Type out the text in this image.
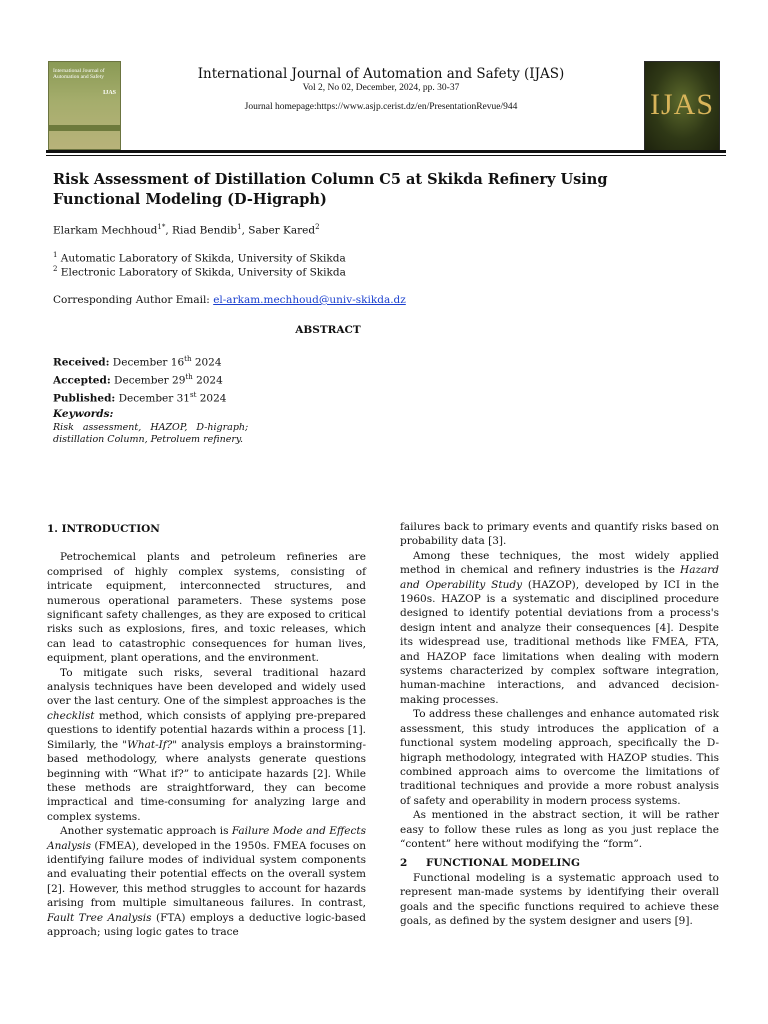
International Journal of Automation and Safety
IJAS
International Journal of Automation and Safety (IJAS)
Vol 2, No 02, December, 2024, pp. 30-37
Journal homepage:https://www.asjp.cerist.dz/en/PresentationRevue/944	IJAS
Risk Assessment of Distillation Column C5 at Skikda Refinery Using Functional Modeling (D-Higraph)
Elarkam Mechhoud$^{1*}$, Riad Bendib$^1$, Saber Kared$^2$
$^1$ Automatic Laboratory of Skikda, University of Skikda
$^2$ Electronic Laboratory of Skikda, University of Skikda
Corresponding Author Email: el-arkam.mechhoud@univ-skikda.dz
ABSTRACT
Received: December 16th 2024
Accepted: December 29th 2024
Published: December 31st 2024
Keywords:
Risk   assessment,   HAZOP,   D-higraph;
distillation Column, Petroluem refinery.
1. INTRODUCTION

Petrochemical plants and petroleum refineries are comprised of highly complex systems, consisting of intricate equipment, interconnected structures, and numerous operational parameters. These systems pose significant safety challenges, as they are exposed to critical risks such as explosions, fires, and toxic releases, which can lead to catastrophic consequences for human lives, equipment, plant operations, and the environment.

To mitigate such risks, several traditional hazard analysis techniques have been developed and widely used over the last century. One of the simplest approaches is the checklist method, which consists of applying pre-prepared questions to identify potential hazards within a process [1]. Similarly, the "What-If?" analysis employs a brainstorming-based methodology, where analysts generate questions beginning with “What if?” to anticipate hazards [2]. While these methods are straightforward, they can become impractical and time-consuming for analyzing large and complex systems.

Another systematic approach is Failure Mode and Effects Analysis (FMEA), developed in the 1950s. FMEA focuses on identifying failure modes of individual system components and evaluating their potential effects on the overall system [2]. However, this method struggles to account for hazards arising from multiple simultaneous failures. In contrast, Fault Tree Analysis (FTA) employs a deductive logic-based approach; using logic gates to trace

failures back to primary events and quantify risks based on probability data [3].

Among these techniques, the most widely applied method in chemical and refinery industries is the Hazard and Operability Study (HAZOP), developed by ICI in the 1960s. HAZOP is a systematic and disciplined procedure designed to identify potential deviations from a process's design intent and analyze their consequences [4]. Despite its widespread use, traditional methods like FMEA, FTA, and HAZOP face limitations when dealing with modern systems characterized by complex software integration, human-machine interactions, and advanced decision-making processes.

To address these challenges and enhance automated risk assessment, this study introduces the application of a functional system modeling approach, specifically the D-higraph methodology, integrated with HAZOP studies. This combined approach aims to overcome the limitations of traditional techniques and provide a more robust analysis of safety and operability in modern process systems.

As mentioned in the abstract section, it will be rather easy to follow these rules as long as you just replace the “content” here without modifying the “form”.

2 FUNCTIONAL MODELING

Functional modeling is a systematic approach used to represent man-made systems by identifying their overall goals and the specific functions required to achieve these goals, as defined by the system designer and users [9].
